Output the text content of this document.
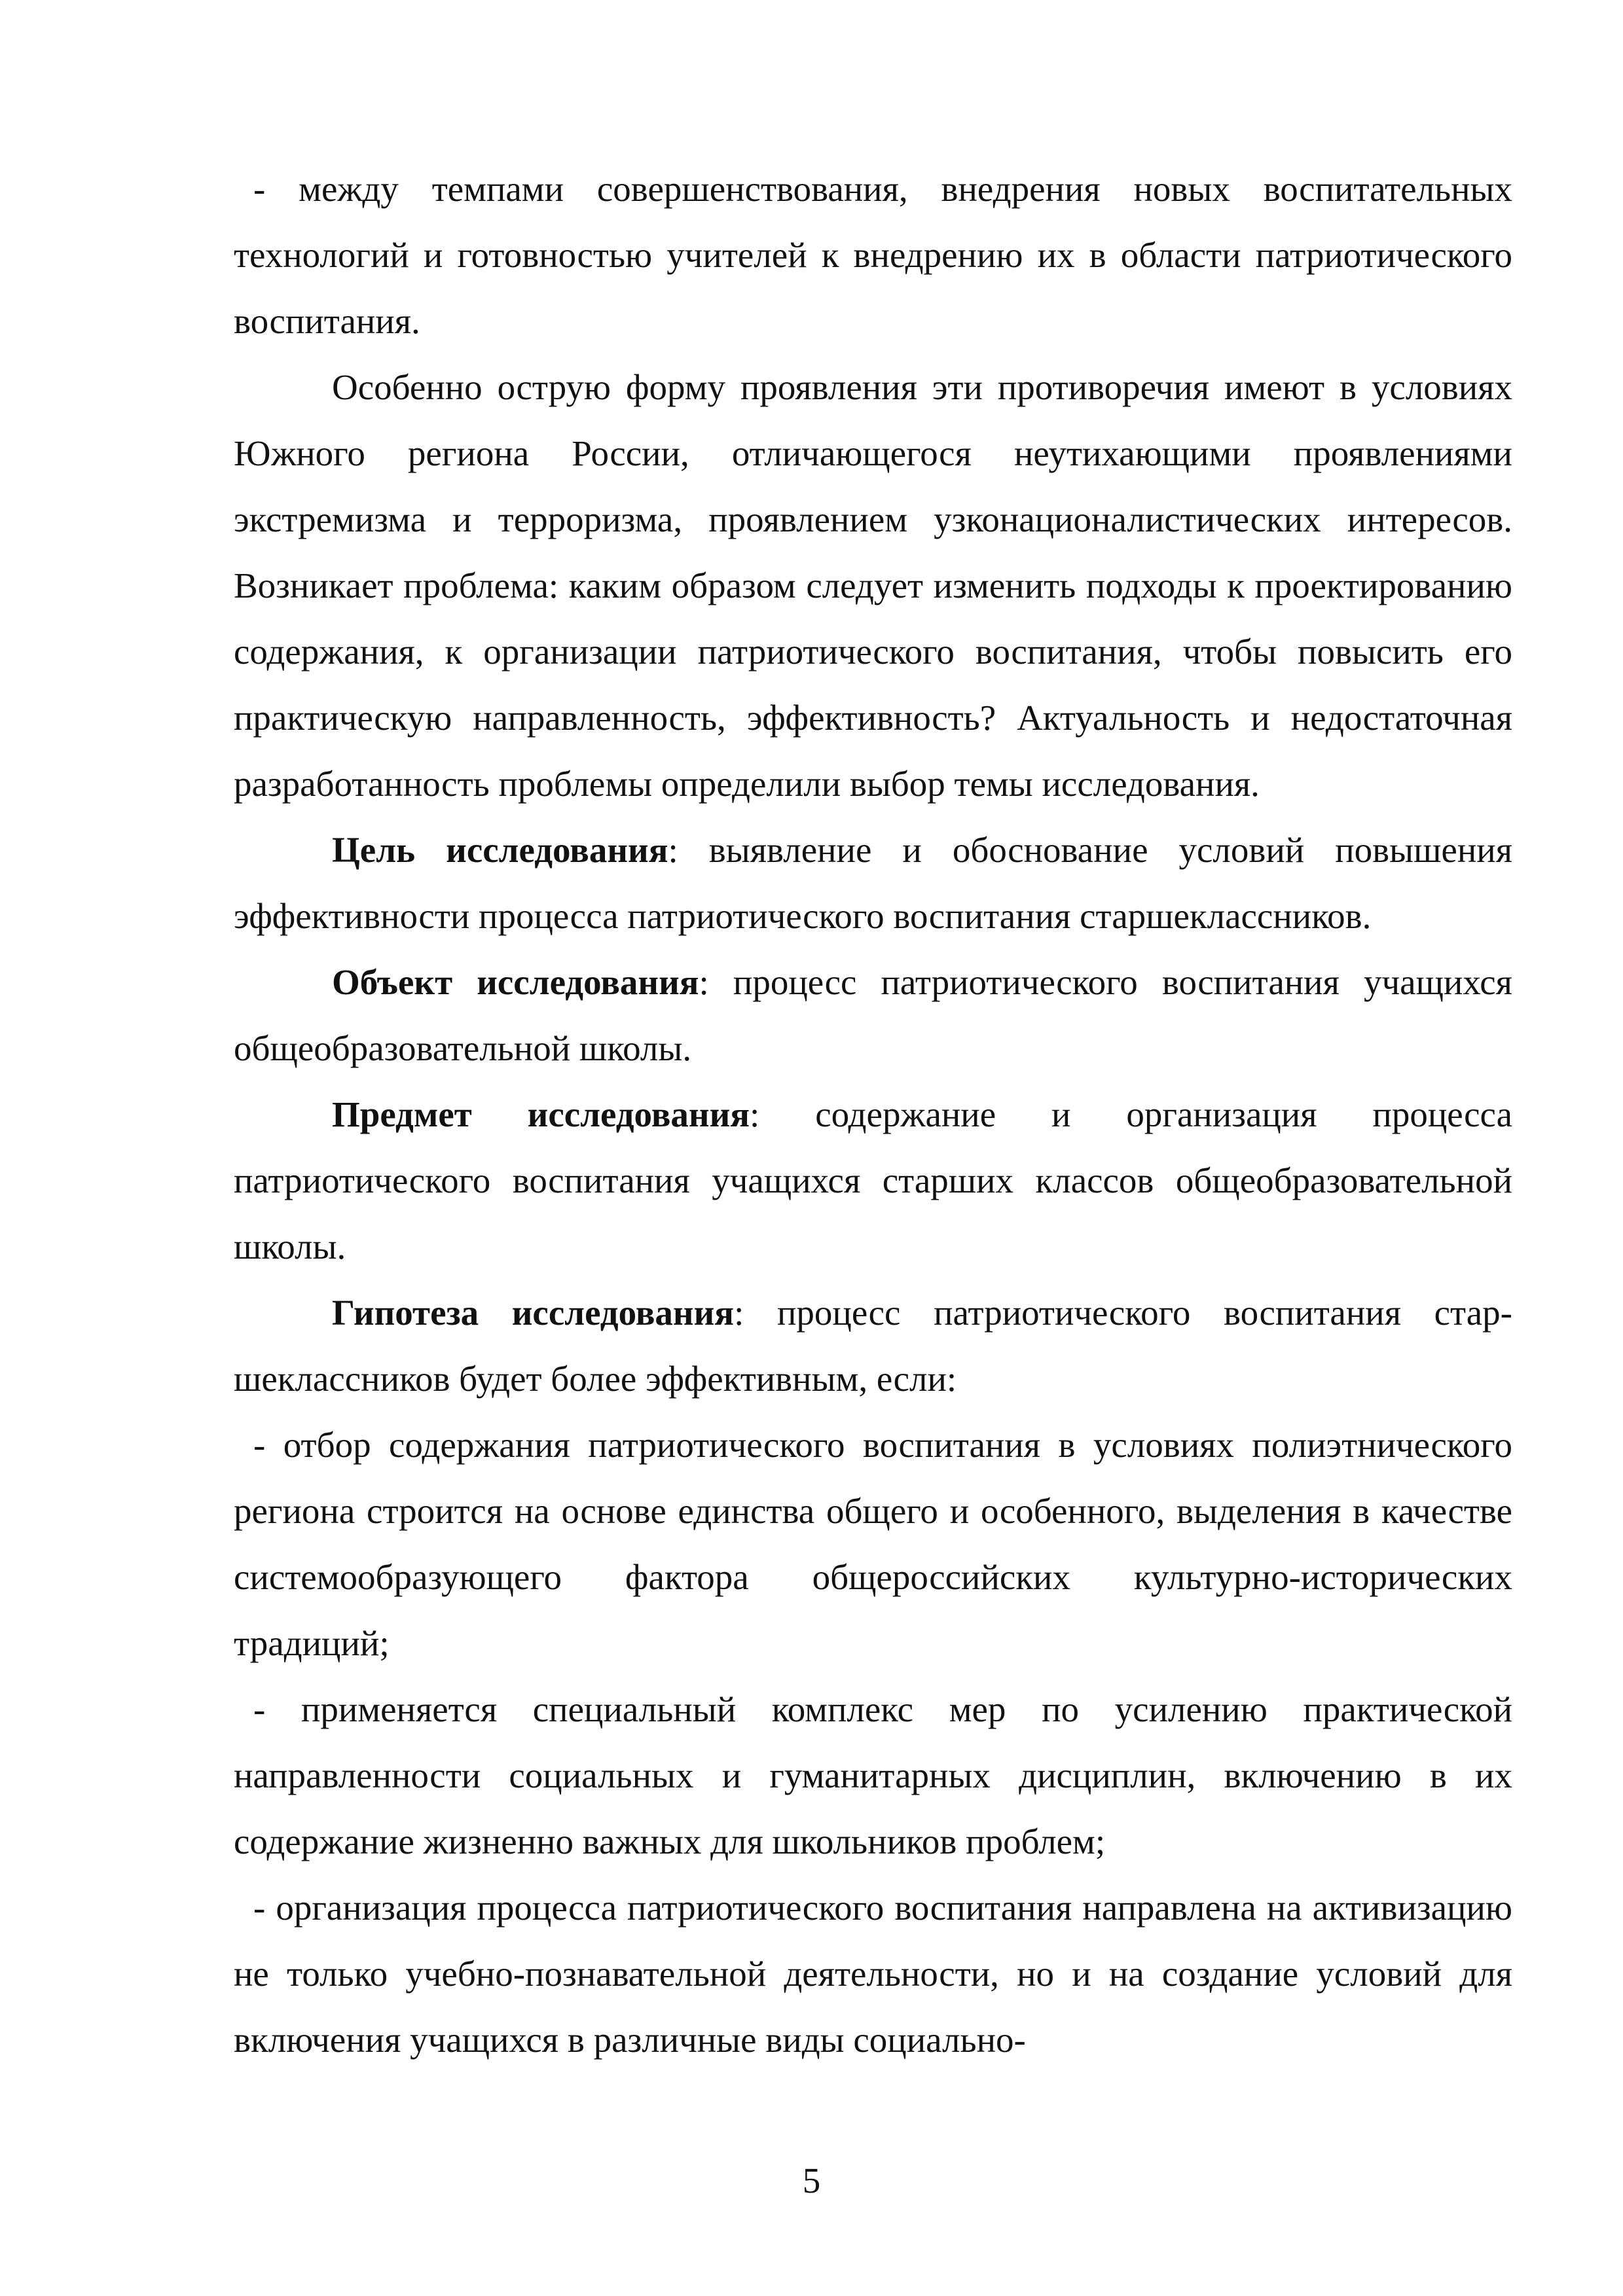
- между темпами совершенствования, внедрения новых воспитательных технологий и готовностью учителей к внедрению их в области патриотического воспитания.

Особенно острую форму проявления эти противоречия имеют в условиях Южного региона России, отличающегося неутихающими проявлениями экстремизма и терроризма, проявлением узконационалистических интересов. Возникает проблема: каким образом следует изменить подходы к проектированию содержания, к организации патриотического воспитания, чтобы повысить его практическую направленность, эффективность? Актуальность и недостаточная разработанность проблемы определили выбор темы исследования.

Цель исследования: выявление и обоснование условий повышения эффективности процесса патриотического воспитания старшеклассников.

Объект исследования: процесс патриотического воспитания учащихся общеобразовательной школы.

Предмет исследования: содержание и организация процесса патриотического воспитания учащихся старших классов общеобразовательной школы.

Гипотеза исследования: процесс патриотического воспитания стар-шеклассников будет более эффективным, если:

- отбор содержания патриотического воспитания в условиях полиэтнического региона строится на основе единства общего и особенного, выделения в качестве системообразующего фактора общероссийских культурно-исторических традиций;

- применяется специальный комплекс мер по усилению практической направленности социальных и гуманитарных дисциплин, включению в их содержание жизненно важных для школьников проблем;

- организация процесса патриотического воспитания направлена на активизацию не только учебно-познавательной деятельности, но и на создание условий для включения учащихся в различные виды социально-

5
